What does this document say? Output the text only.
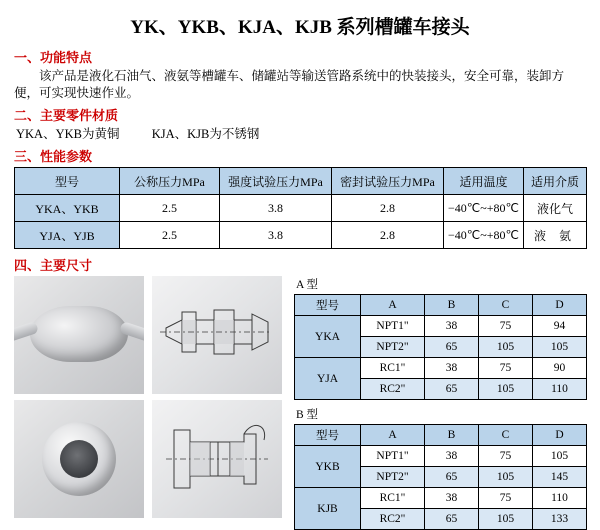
YK、YKB、KJA、KJB 系列槽罐车接头
一、功能特点
该产品是液化石油气、液氨等槽罐车、储罐站等输送管路系统中的快装接头，安全可靠，装卸方便，可实现快速作业。
二、主要零件材质
YKA、YKB为黄铜	KJA、KJB为不锈钢
三、性能参数
型号	公称压力MPa	强度试验压力MPa	密封试验压力MPa	适用温度	适用介质
YKA、YKB	2.5	3.8	2.8	−40℃~+80℃	液化气
YJA、YJB	2.5	3.8	2.8	−40℃~+80℃	液 氨
四、主要尺寸
A 型
型号	A	B	C	D
YKA	NPT1"	38	75	94
	NPT2"	65	105	105
YJA	RC1"	38	75	90
	RC2"	65	105	110
B 型
型号	A	B	C	D
YKB	NPT1"	38	75	105
	NPT2"	65	105	145
KJB	RC1"	38	75	110
	RC2"	65	105	133
